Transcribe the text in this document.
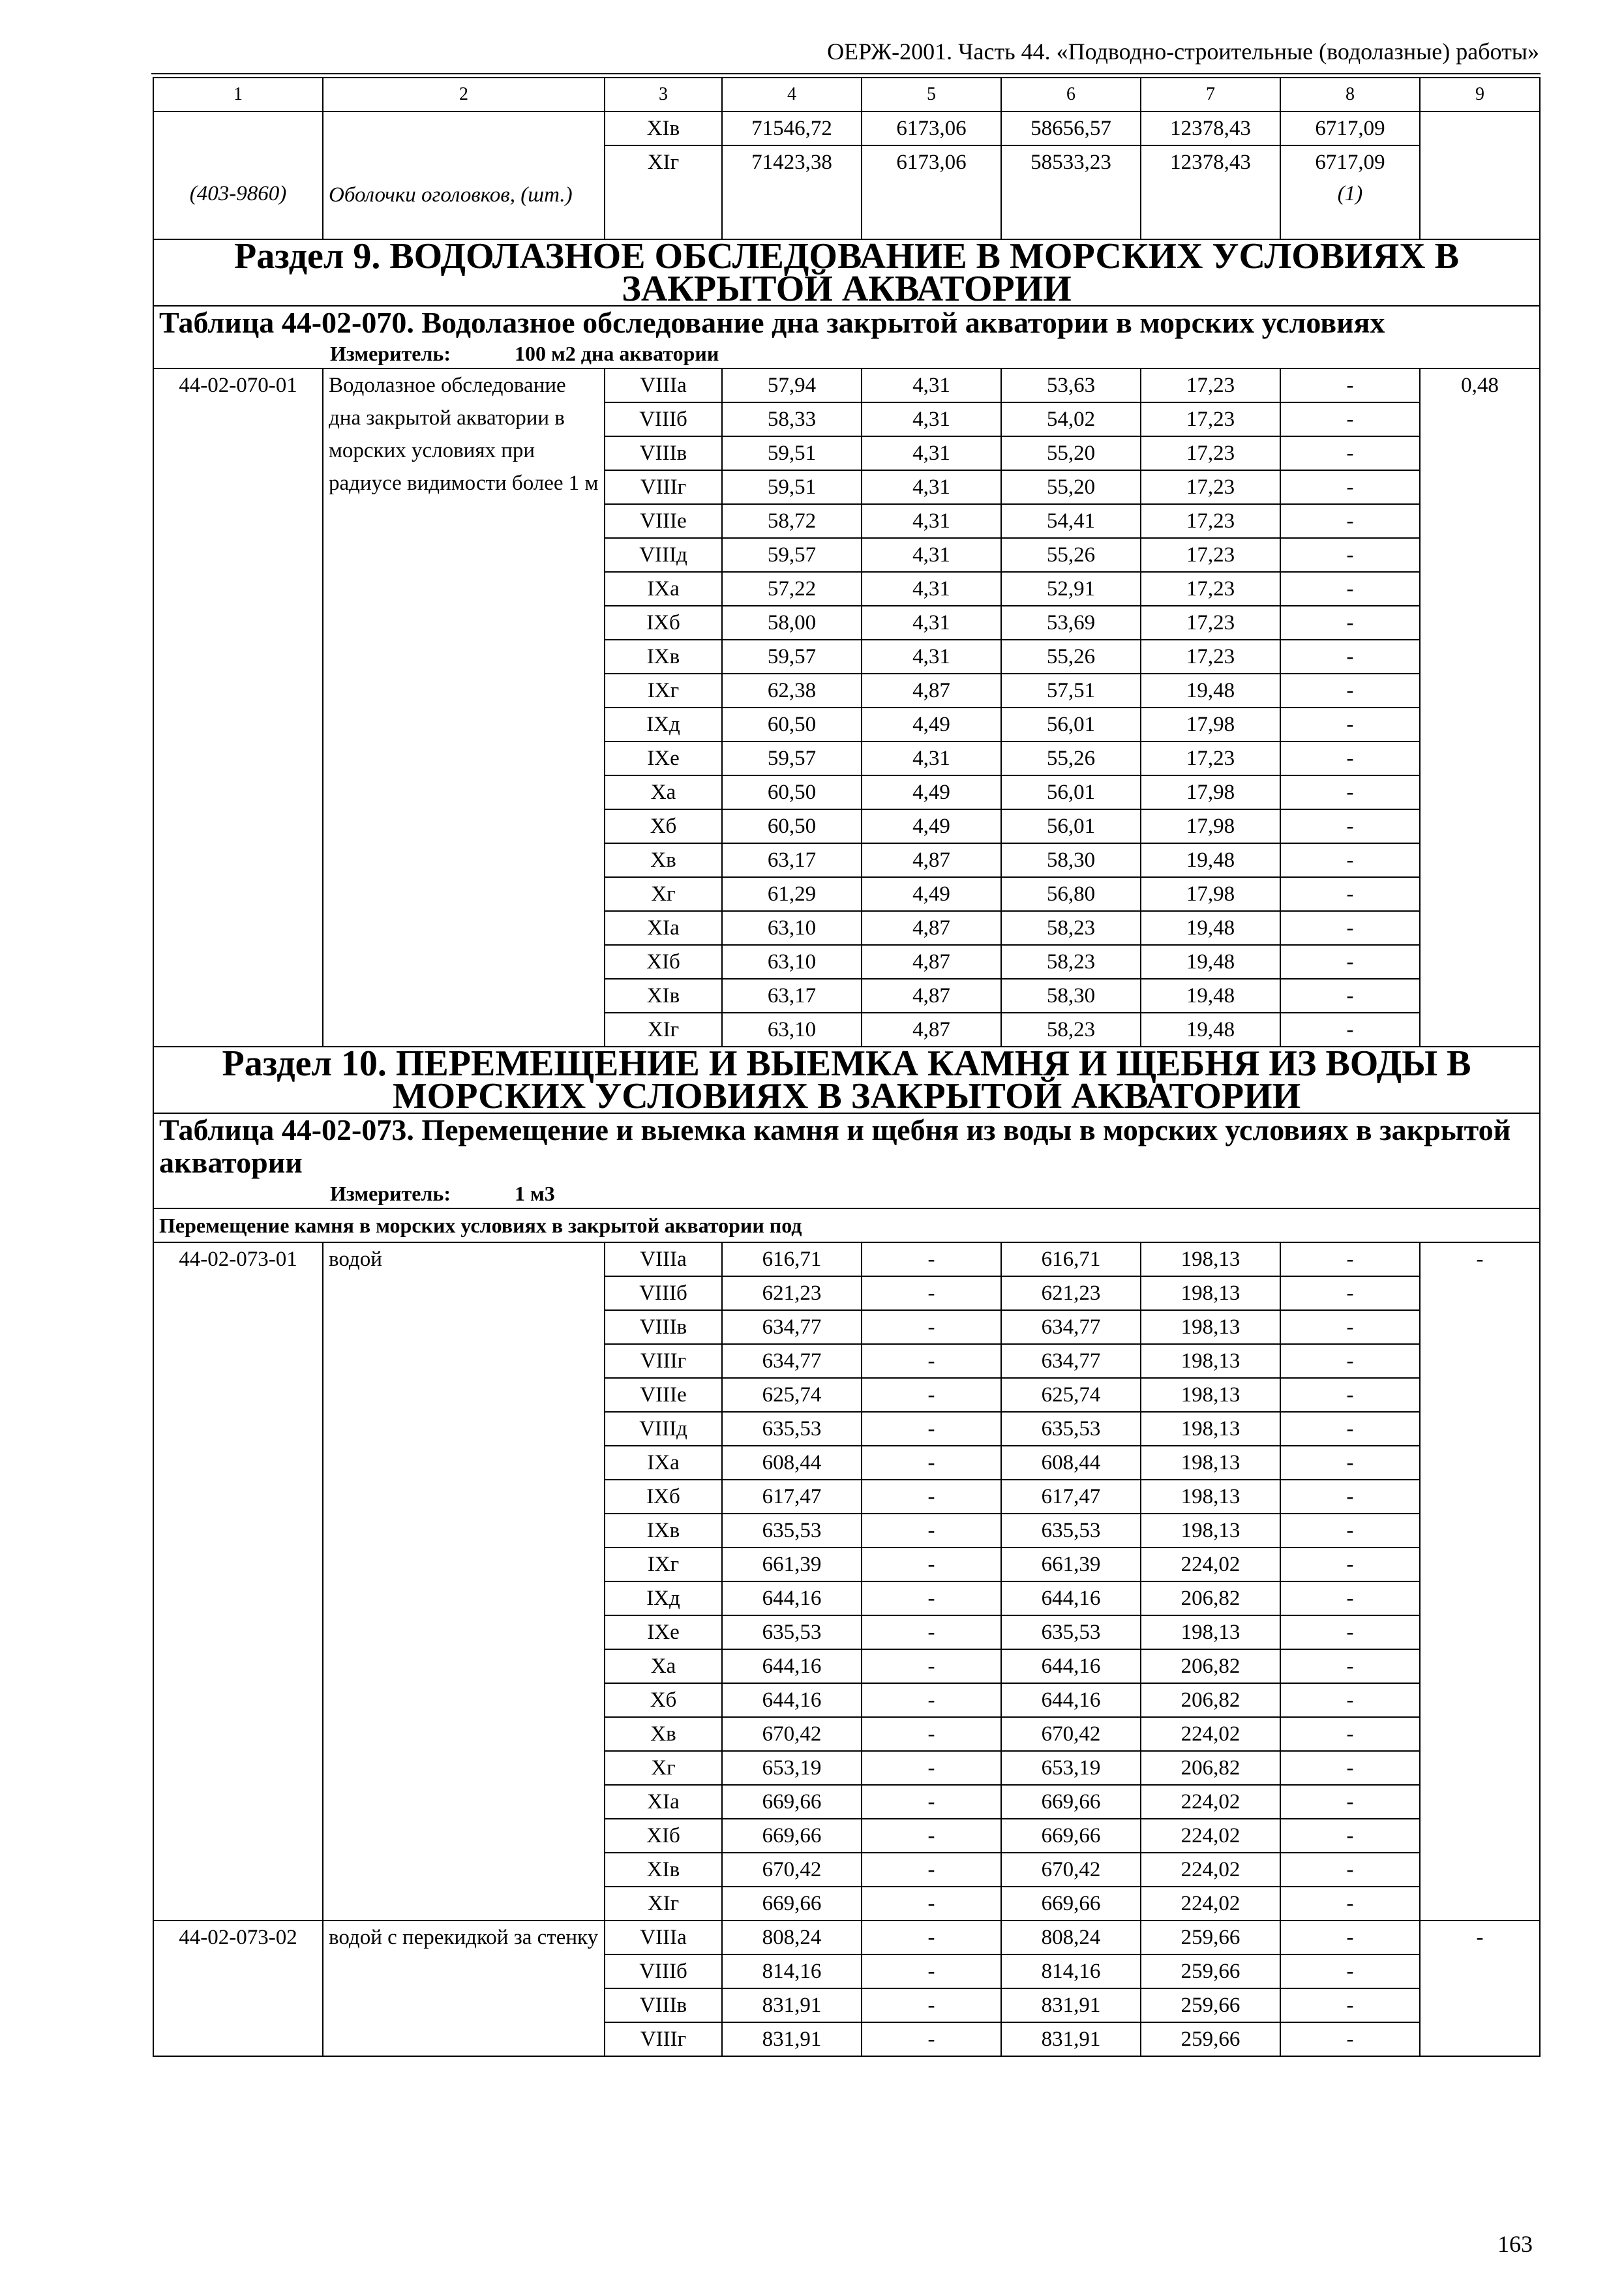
ОЕРЖ-2001. Часть 44. «Подводно-строительные (водолазные) работы»
1	2	3	4	5	6	7	8	9
		XIв	71546,72	6173,06	58656,57	12378,43	6717,09	
		XIг	71423,38	6173,06	58533,23	12378,43	6717,09	
(403-9860)	Оболочки оголовков, (шт.)						(1)	
Раздел 9. ВОДОЛАЗНОЕ ОБСЛЕДОВАНИЕ В МОРСКИХ УСЛОВИЯХ В ЗАКРЫТОЙ АКВАТОРИИ								
Таблица 44-02-070. Водолазное обследование дна закрытой акватории в морских условиях
Измеритель: 100 м2 дна акватории								

44-02-070-01	Водолазное обследование дна закрытой акватории в морских условиях при радиусе видимости более 1 м	VIIIа	57,94	4,31	53,63	17,23	-	0,48
		VIIIб	58,33	4,31	54,02	17,23	-	
		VIIIв	59,51	4,31	55,20	17,23	-	
		VIIIг	59,51	4,31	55,20	17,23	-	
		VIIIе	58,72	4,31	54,41	17,23	-	
		VIIIд	59,57	4,31	55,26	17,23	-	
		IXа	57,22	4,31	52,91	17,23	-	
		IXб	58,00	4,31	53,69	17,23	-	
		IXв	59,57	4,31	55,26	17,23	-	
		IXг	62,38	4,87	57,51	19,48	-	
		IXд	60,50	4,49	56,01	17,98	-	
		IXе	59,57	4,31	55,26	17,23	-	
		Xа	60,50	4,49	56,01	17,98	-	
		Xб	60,50	4,49	56,01	17,98	-	
		Xв	63,17	4,87	58,30	19,48	-	
		Xг	61,29	4,49	56,80	17,98	-	
		XIа	63,10	4,87	58,23	19,48	-	
		XIб	63,10	4,87	58,23	19,48	-	
		XIв	63,17	4,87	58,30	19,48	-	
		XIг	63,10	4,87	58,23	19,48	-	
Раздел 10. ПЕРЕМЕЩЕНИЕ И ВЫЕМКА КАМНЯ И ЩЕБНЯ ИЗ ВОДЫ В МОРСКИХ УСЛОВИЯХ В ЗАКРЫТОЙ АКВАТОРИИ								
Таблица 44-02-073. Перемещение и выемка камня и щебня из воды в морских условиях в закрытой акватории
Измеритель: 1 м3								

Перемещение камня в морских условиях в закрытой акватории под								
44-02-073-01	водой	VIIIа	616,71	-	616,71	198,13	-	-
		VIIIб	621,23	-	621,23	198,13	-	
		VIIIв	634,77	-	634,77	198,13	-	
		VIIIг	634,77	-	634,77	198,13	-	
		VIIIе	625,74	-	625,74	198,13	-	
		VIIIд	635,53	-	635,53	198,13	-	
		IXа	608,44	-	608,44	198,13	-	
		IXб	617,47	-	617,47	198,13	-	
		IXв	635,53	-	635,53	198,13	-	
		IXг	661,39	-	661,39	224,02	-	
		IXд	644,16	-	644,16	206,82	-	
		IXе	635,53	-	635,53	198,13	-	
		Xа	644,16	-	644,16	206,82	-	
		Xб	644,16	-	644,16	206,82	-	
		Xв	670,42	-	670,42	224,02	-	
		Xг	653,19	-	653,19	206,82	-	
		XIа	669,66	-	669,66	224,02	-	
		XIб	669,66	-	669,66	224,02	-	
		XIв	670,42	-	670,42	224,02	-	
		XIг	669,66	-	669,66	224,02	-	
44-02-073-02	водой с перекидкой за стенку	VIIIа	808,24	-	808,24	259,66	-	-
		VIIIб	814,16	-	814,16	259,66	-	
		VIIIв	831,91	-	831,91	259,66	-	
		VIIIг	831,91	-	831,91	259,66	-	
163
